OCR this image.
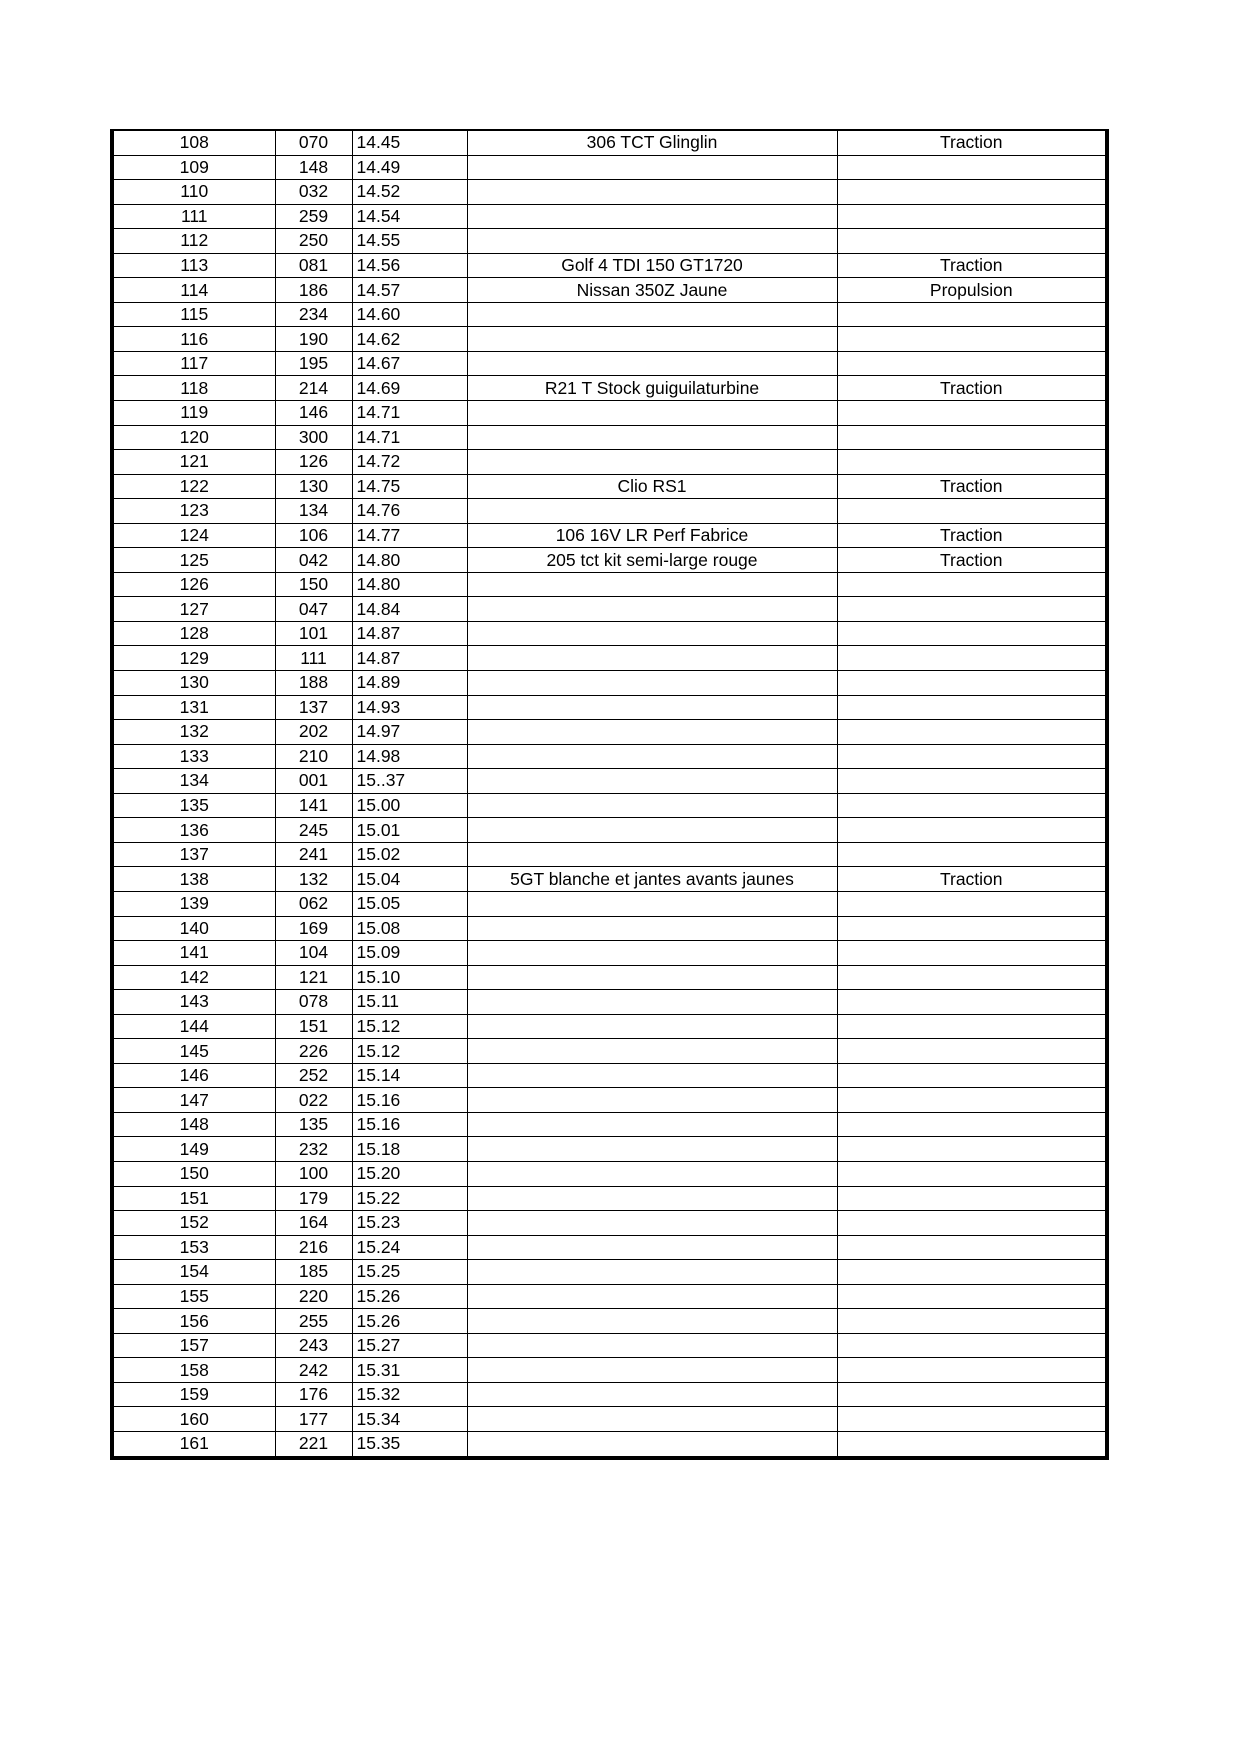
108	070	14.45	306 TCT Glinglin	Traction
109	148	14.49		
110	032	14.52		
111	259	14.54		
112	250	14.55		
113	081	14.56	Golf 4 TDI 150 GT1720	Traction
114	186	14.57	Nissan 350Z Jaune	Propulsion
115	234	14.60		
116	190	14.62		
117	195	14.67		
118	214	14.69	R21 T Stock guiguilaturbine	Traction
119	146	14.71		
120	300	14.71		
121	126	14.72		
122	130	14.75	Clio RS1	Traction
123	134	14.76		
124	106	14.77	106 16V LR Perf Fabrice	Traction
125	042	14.80	205 tct kit semi-large rouge	Traction
126	150	14.80		
127	047	14.84		
128	101	14.87		
129	111	14.87		
130	188	14.89		
131	137	14.93		
132	202	14.97		
133	210	14.98		
134	001	15..37		
135	141	15.00		
136	245	15.01		
137	241	15.02		
138	132	15.04	5GT blanche et jantes avants jaunes	Traction
139	062	15.05		
140	169	15.08		
141	104	15.09		
142	121	15.10		
143	078	15.11		
144	151	15.12		
145	226	15.12		
146	252	15.14		
147	022	15.16		
148	135	15.16		
149	232	15.18		
150	100	15.20		
151	179	15.22		
152	164	15.23		
153	216	15.24		
154	185	15.25		
155	220	15.26		
156	255	15.26		
157	243	15.27		
158	242	15.31		
159	176	15.32		
160	177	15.34		
161	221	15.35		
